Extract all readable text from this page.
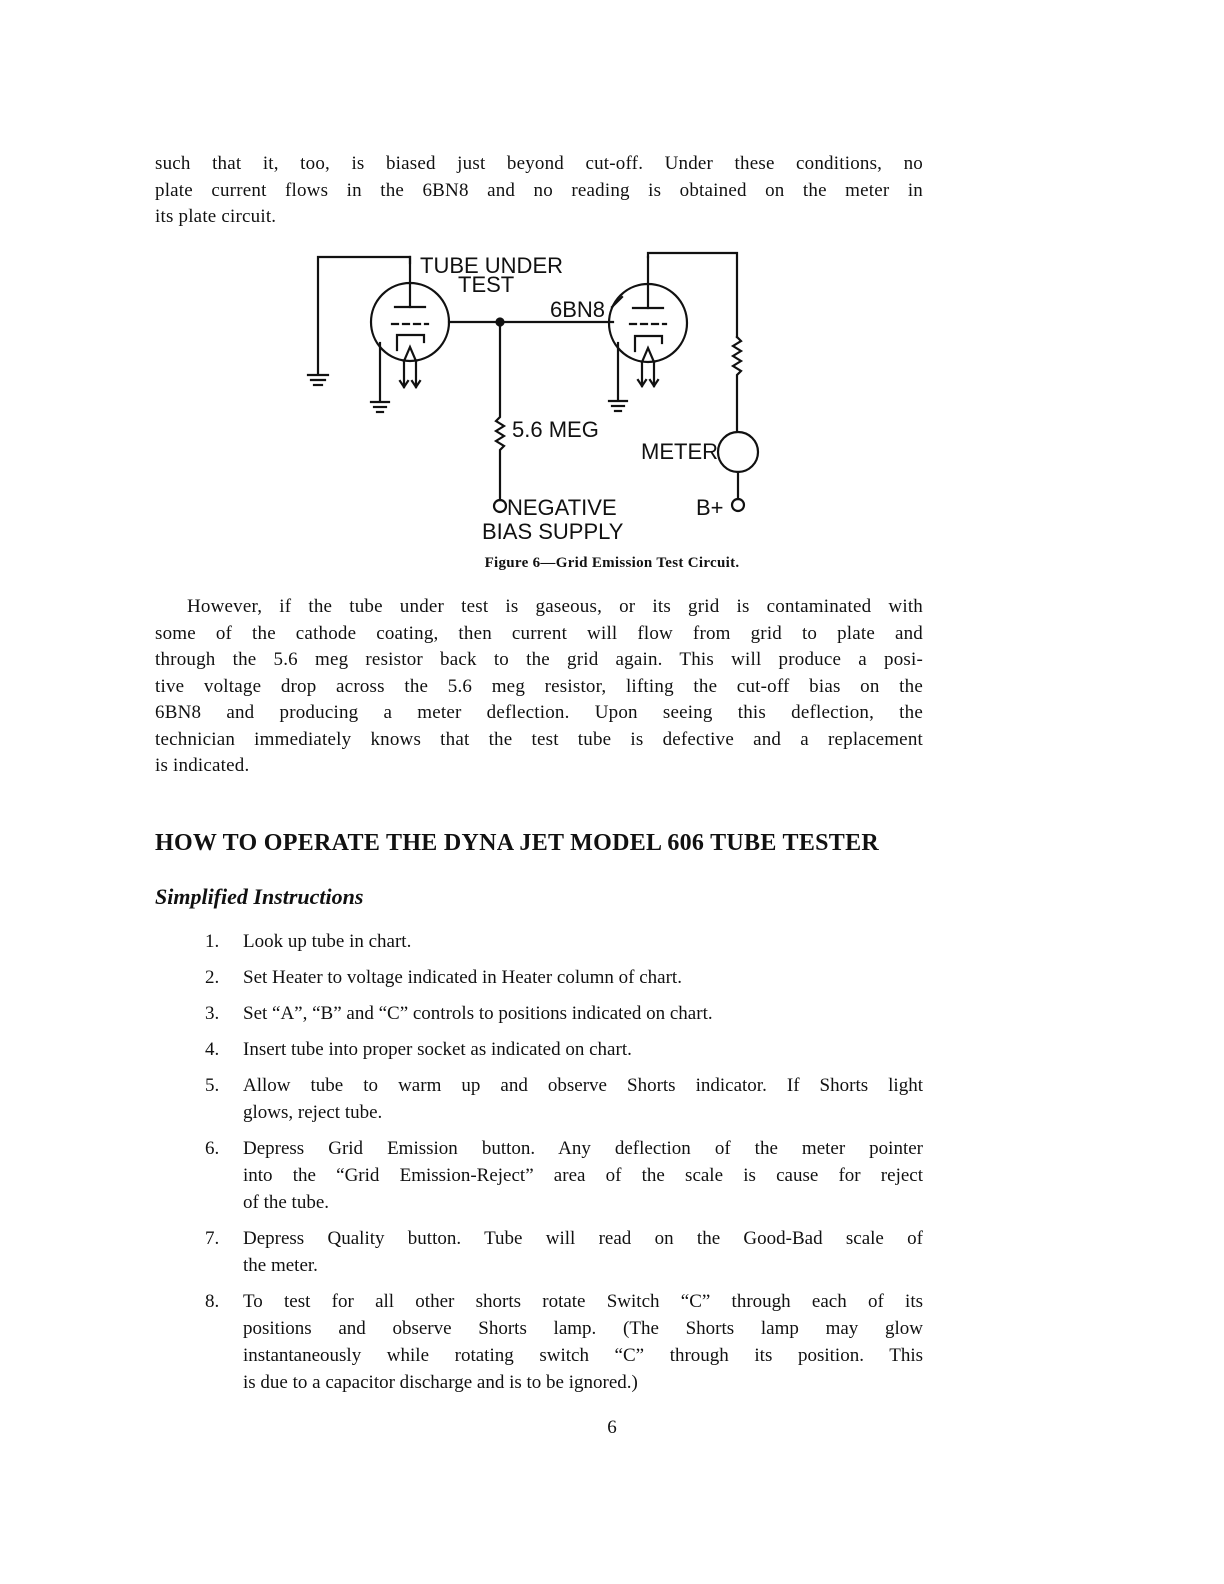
such that it, too, is biased just beyond cut-off. Under these conditions, no
plate current flows in the 6BN8 and no reading is obtained on the meter in
its plate circuit.
TUBE UNDER
TEST
6BN8
5.6 MEG
METER
NEGATIVE
BIAS SUPPLY
B+
Figure 6—Grid Emission Test Circuit.
However, if the tube under test is gaseous, or its grid is contaminated with
some of the cathode coating, then current will flow from grid to plate and
through the 5.6 meg resistor back to the grid again. This will produce a posi-
tive voltage drop across the 5.6 meg resistor, lifting the cut-off bias on the
6BN8 and producing a meter deflection. Upon seeing this deflection, the
technician immediately knows that the test tube is defective and a replacement
is indicated.
HOW TO OPERATE THE DYNA JET MODEL 606 TUBE TESTER
Simplified Instructions
1.	Look up tube in chart.
2.	Set Heater to voltage indicated in Heater column of chart.
3.	Set “A”, “B” and “C” controls to positions indicated on chart.
4.	Insert tube into proper socket as indicated on chart.
5.	Allow tube to warm up and observe Shorts indicator. If Shorts light
glows, reject tube.
6.	Depress Grid Emission button. Any deflection of the meter pointer
into the “Grid Emission-Reject” area of the scale is cause for reject
of the tube.
7.	Depress Quality button. Tube will read on the Good-Bad scale of
the meter.
8.	To test for all other shorts rotate Switch “C” through each of its
positions and observe Shorts lamp. (The Shorts lamp may glow
instantaneously while rotating switch “C” through its position. This
is due to a capacitor discharge and is to be ignored.)
6
